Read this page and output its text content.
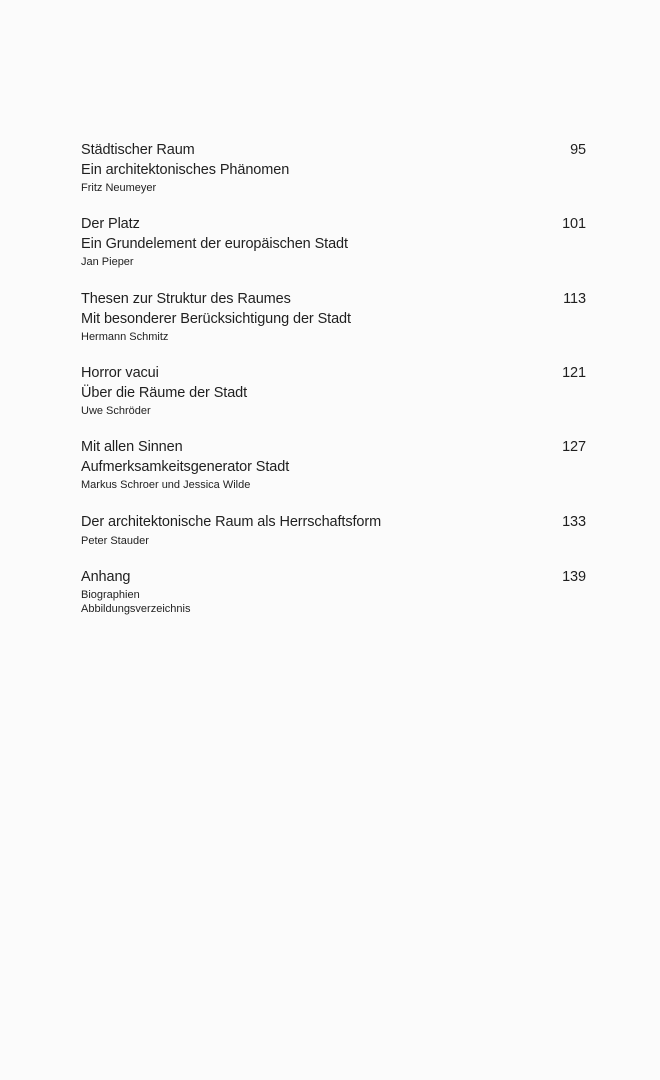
Städtischer Raum	95
Ein architektonisches Phänomen
Fritz Neumeyer
Der Platz	101
Ein Grundelement der europäischen Stadt
Jan Pieper
Thesen zur Struktur des Raumes	113
Mit besonderer Berücksichtigung der Stadt
Hermann Schmitz
Horror vacui	121
Über die Räume der Stadt
Uwe Schröder
Mit allen Sinnen	127
Aufmerksamkeitsgenerator Stadt
Markus Schroer und Jessica Wilde
Der architektonische Raum als Herrschaftsform	133
Peter Stauder
Anhang	139
Biographien
Abbildungsverzeichnis
